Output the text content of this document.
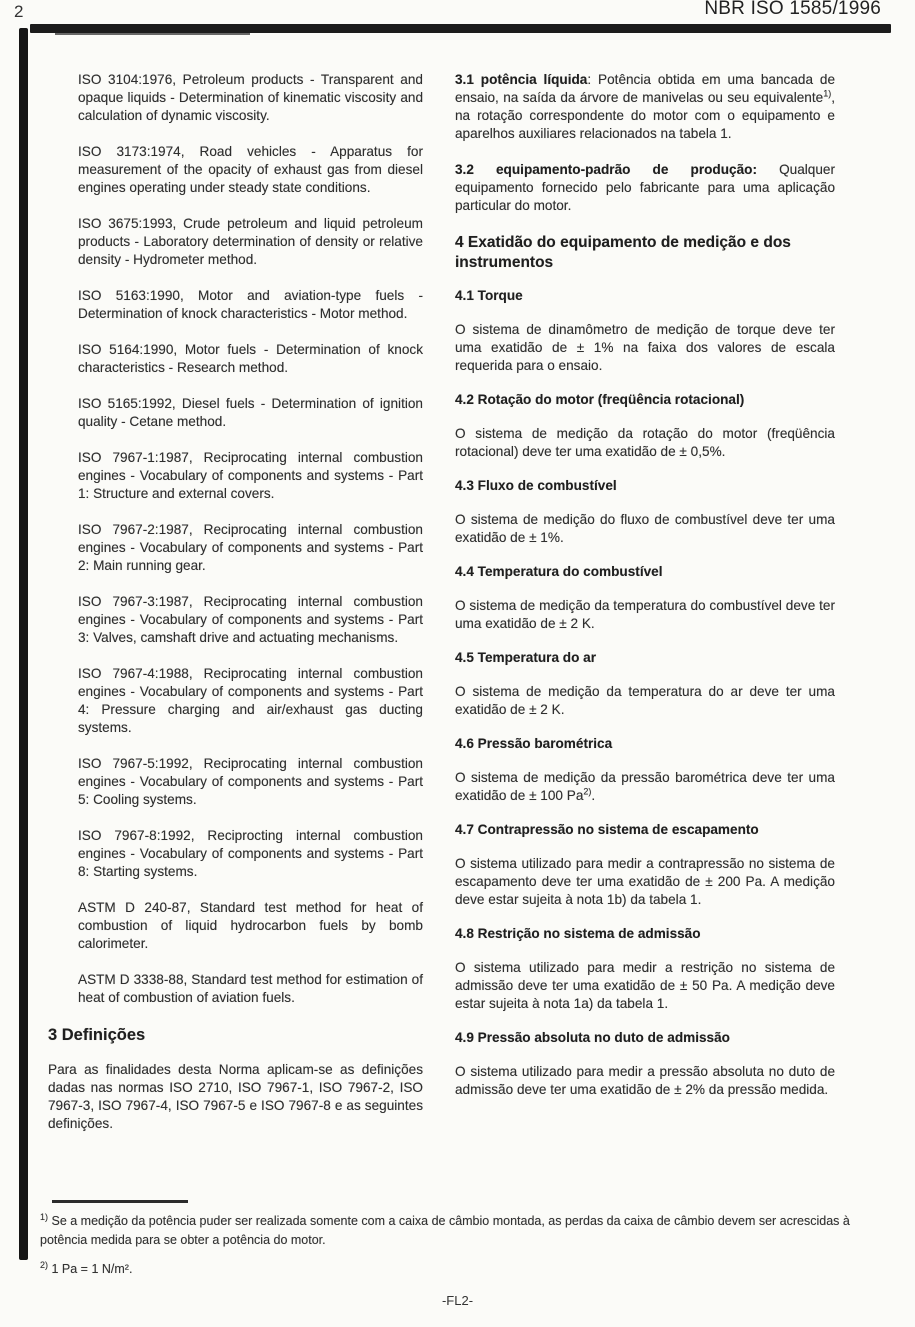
2	NBR ISO 1585/1996

ISO 3104:1976, Petroleum products - Transparent and opaque liquids - Determination of kinematic viscosity and calculation of dynamic viscosity.

ISO 3173:1974, Road vehicles - Apparatus for measurement of the opacity of exhaust gas from diesel engines operating under steady state conditions.

ISO 3675:1993, Crude petroleum and liquid petroleum products - Laboratory determination of density or relative density - Hydrometer method.

ISO 5163:1990, Motor and aviation-type fuels - Determination of knock characteristics - Motor method.

ISO 5164:1990, Motor fuels - Determination of knock characteristics - Research method.

ISO 5165:1992, Diesel fuels - Determination of ignition quality - Cetane method.

ISO 7967-1:1987, Reciprocating internal combustion engines - Vocabulary of components and systems - Part 1: Structure and external covers.

ISO 7967-2:1987, Reciprocating internal combustion engines - Vocabulary of components and systems - Part 2: Main running gear.

ISO 7967-3:1987, Reciprocating internal combustion engines - Vocabulary of components and systems - Part 3: Valves, camshaft drive and actuating mechanisms.

ISO 7967-4:1988, Reciprocating internal combustion engines - Vocabulary of components and systems - Part 4: Pressure charging and air/exhaust gas ducting systems.

ISO 7967-5:1992, Reciprocating internal combustion engines - Vocabulary of components and systems - Part 5: Cooling systems.

ISO 7967-8:1992, Reciprocting internal combustion engines - Vocabulary of components and systems - Part 8: Starting systems.

ASTM D 240-87, Standard test method for heat of combustion of liquid hydrocarbon fuels by bomb calorimeter.

ASTM D 3338-88, Standard test method for estimation of heat of combustion of aviation fuels.

3 Definições

Para as finalidades desta Norma aplicam-se as definições dadas nas normas ISO 2710, ISO 7967-1, ISO 7967-2, ISO 7967-3, ISO 7967-4, ISO 7967-5 e ISO 7967-8 e as seguintes definições.

3.1 potência líquida: Potência obtida em uma bancada de ensaio, na saída da árvore de manivelas ou seu equivalente$^{1)}$, na rotação correspondente do motor com o equipamento e aparelhos auxiliares relacionados na tabela 1.

3.2 equipamento-padrão de produção: Qualquer equipamento fornecido pelo fabricante para uma aplicação particular do motor.

4 Exatidão do equipamento de medição e dos instrumentos
4.1 Torque

O sistema de dinamômetro de medição de torque deve ter uma exatidão de ± 1% na faixa dos valores de escala requerida para o ensaio.

4.2 Rotação do motor (freqüência rotacional)

O sistema de medição da rotação do motor (freqüência rotacional) deve ter uma exatidão de ± 0,5%.

4.3 Fluxo de combustível

O sistema de medição do fluxo de combustível deve ter uma exatidão de ± 1%.

4.4 Temperatura do combustível

O sistema de medição da temperatura do combustível deve ter uma exatidão de ± 2 K.

4.5 Temperatura do ar

O sistema de medição da temperatura do ar deve ter uma exatidão de ± 2 K.

4.6 Pressão barométrica

O sistema de medição da pressão barométrica deve ter uma exatidão de ± 100 Pa$^{2)}$.

4.7 Contrapressão no sistema de escapamento

O sistema utilizado para medir a contrapressão no sistema de escapamento deve ter uma exatidão de ± 200 Pa. A medição deve estar sujeita à nota 1b) da tabela 1.

4.8 Restrição no sistema de admissão

O sistema utilizado para medir a restrição no sistema de admissão deve ter uma exatidão de ± 50 Pa. A medição deve estar sujeita à nota 1a) da tabela 1.

4.9 Pressão absoluta no duto de admissão

O sistema utilizado para medir a pressão absoluta no duto de admissão deve ter uma exatidão de ± 2% da pressão medida.

$^{1)}$ Se a medição da potência puder ser realizada somente com a caixa de câmbio montada, as perdas da caixa de câmbio devem ser acrescidas à potência medida para se obter a potência do motor.

$^{2)}$ 1 Pa = 1 N/m².

-FL2-
